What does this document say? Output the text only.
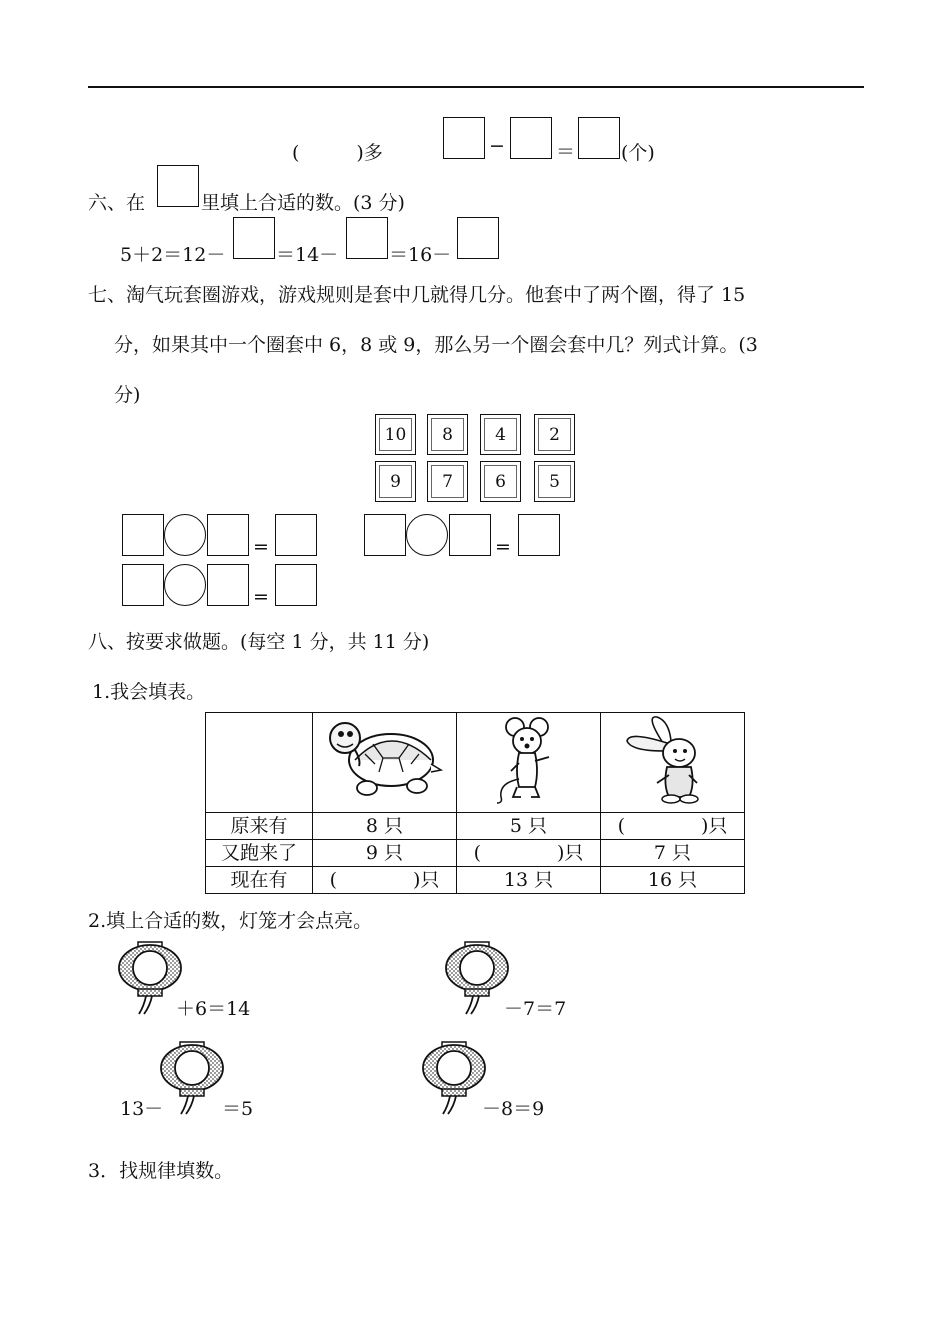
(　　　)多	−	＝ (个)
六、在	里填上合适的数。(3 分)
5＋2＝12－	＝14－	＝16－
七、淘气玩套圈游戏，游戏规则是套中几就得几分。他套中了两个圈，得了 15
分，如果其中一个圈套中 6，8 或 9，那么另一个圈会套中几？列式计算。(3
分)
10 8 4	2
9 7 6	5
=	=
=
八、按要求做题。(每空 1 分，共 11 分)
1.我会填表。

原来有	8 只	5 只	(　　　　)只
又跑来了	9 只	(　　　　)只	7 只
现在有	(　　　　)只	13 只	16 只
2.填上合适的数，灯笼才会点亮。
＋6＝14	－7＝7
13－	＝5	－8＝9
3．找规律填数。
